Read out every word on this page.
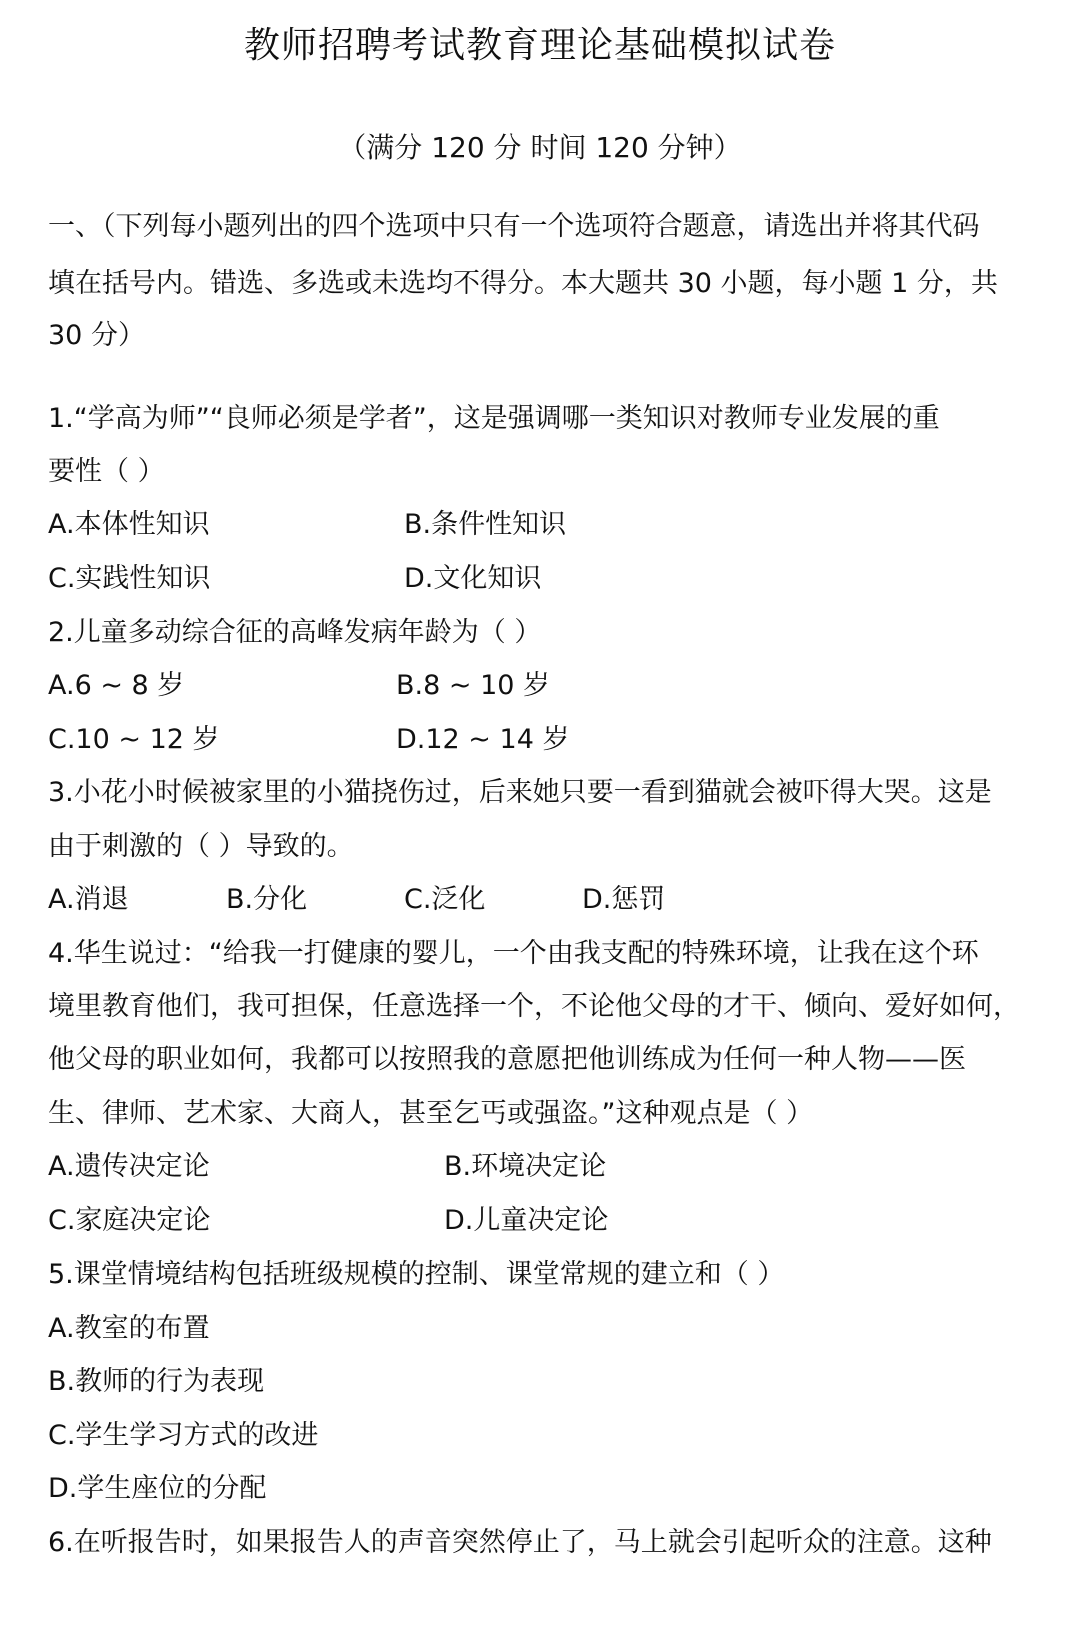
教师招聘考试教育理论基础模拟试卷
（满分 120 分 时间 120 分钟）
一、（下列每小题列出的四个选项中只有一个选项符合题意，请选出并将其代码
填在括号内。错选、多选或未选均不得分。本大题共 30 小题，每小题 1 分，共
30 分）
1.“学高为师”“良师必须是学者”，这是强调哪一类知识对教师专业发展的重
要性（ ）
A.本体性知识	B.条件性知识
C.实践性知识	D.文化知识
2.儿童多动综合征的高峰发病年龄为（ ）
A.6 ~ 8 岁	B.8 ~ 10 岁
C.10 ~ 12 岁	D.12 ~ 14 岁
3.小花小时候被家里的小猫挠伤过，后来她只要一看到猫就会被吓得大哭。这是
由于刺激的（ ）导致的。
A.消退	B.分化	C.泛化	D.惩罚
4.华生说过：“给我一打健康的婴儿，一个由我支配的特殊环境，让我在这个环
境里教育他们，我可担保，任意选择一个，不论他父母的才干、倾向、爱好如何，
他父母的职业如何，我都可以按照我的意愿把他训练成为任何一种人物——医
生、律师、艺术家、大商人，甚至乞丐或强盗。”这种观点是（ ）
A.遗传决定论	B.环境决定论
C.家庭决定论	D.儿童决定论
5.课堂情境结构包括班级规模的控制、课堂常规的建立和（ ）
A.教室的布置
B.教师的行为表现
C.学生学习方式的改进
D.学生座位的分配
6.在听报告时，如果报告人的声音突然停止了，马上就会引起听众的注意。这种
